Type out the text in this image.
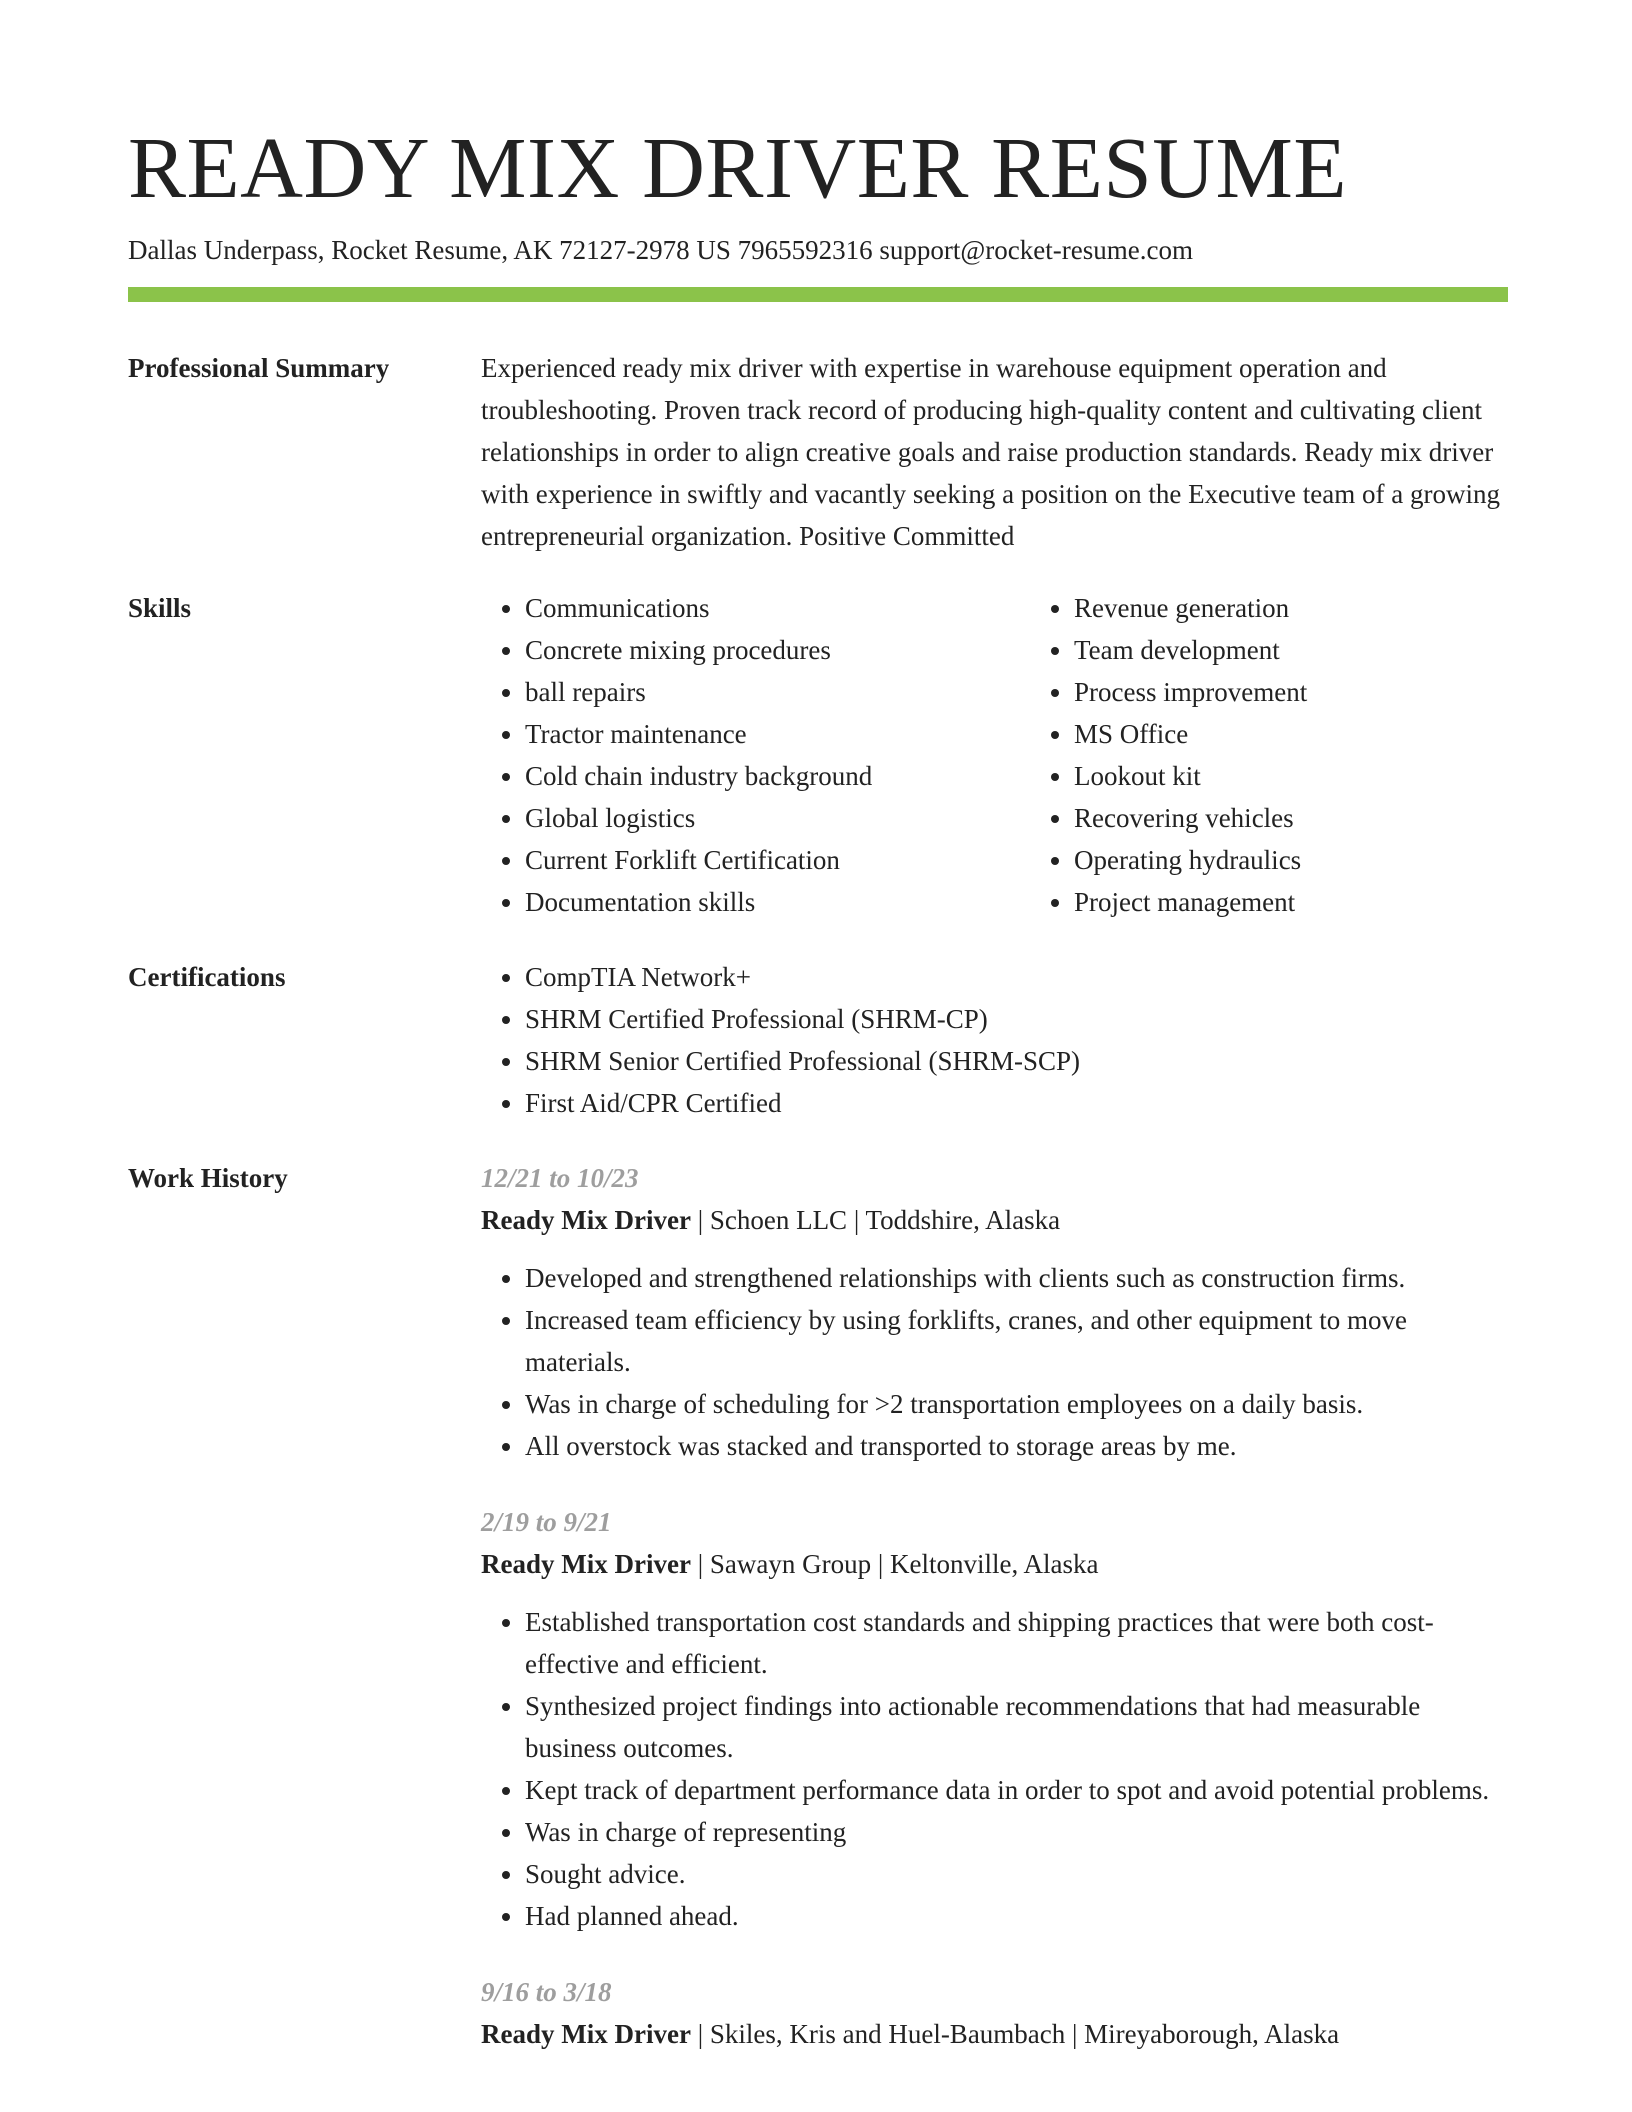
READY MIX DRIVER RESUME
Dallas Underpass, Rocket Resume, AK 72127-2978 US 7965592316 support@rocket-resume.com
Professional Summary	Experienced ready mix driver with expertise in warehouse equipment operation and troubleshooting. Proven track record of producing high-quality content and cultivating client relationships in order to align creative goals and raise production standards. Ready mix driver with experience in swiftly and vacantly seeking a position on the Executive team of a growing entrepreneurial organization. Positive Committed

Skills	• Communications
• Concrete mixing procedures
• ball repairs
• Tractor maintenance
• Cold chain industry background
• Global logistics
• Current Forklift Certification
• Documentation skills
• Revenue generation
• Team development
• Process improvement
• MS Office
• Lookout kit
• Recovering vehicles
• Operating hydraulics
• Project management
Certifications	• CompTIA Network+
• SHRM Certified Professional (SHRM-CP)
• SHRM Senior Certified Professional (SHRM-SCP)
• First Aid/CPR Certified
Work History	12/21 to 10/23
Ready Mix Driver | Schoen LLC | Toddshire, Alaska
• Developed and strengthened relationships with clients such as construction firms.
• Increased team efficiency by using forklifts, cranes, and other equipment to move materials.
• Was in charge of scheduling for >2 transportation employees on a daily basis.
• All overstock was stacked and transported to storage areas by me.
2/19 to 9/21
Ready Mix Driver | Sawayn Group | Keltonville, Alaska
• Established transportation cost standards and shipping practices that were both cost-effective and efficient.
• Synthesized project findings into actionable recommendations that had measurable business outcomes.
• Kept track of department performance data in order to spot and avoid potential problems.
• Was in charge of representing
• Sought advice.
• Had planned ahead.
9/16 to 3/18
Ready Mix Driver | Skiles, Kris and Huel-Baumbach | Mireyaborough, Alaska
